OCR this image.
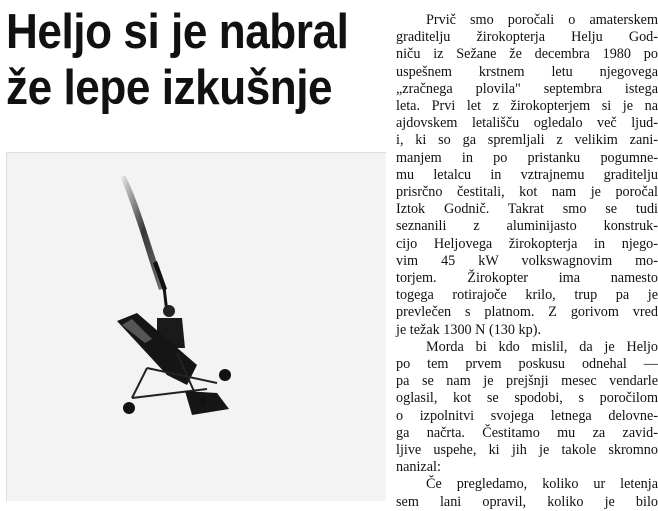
Heljo si je nabral
že lepe izkušnje

Prvič smo poročali o amaterskem
graditelju žirokopterja Helju God-
niču iz Sežane že decembra 1980 po
uspešnem krstnem letu njegovega
„zračnega plovila" septembra istega
leta. Prvi let z žirokopterjem si je na
ajdovskem letališču ogledalo več ljud-
i, ki so ga spremljali z velikim zani-
manjem in po pristanku pogumne-
mu letalcu in vztrajnemu graditelju
prisrčno čestitali, kot nam je poročal
Iztok Godnič. Takrat smo se tudi
seznanili z aluminijasto konstruk-
cijo Heljovega žirokopterja in njego-
vim 45 kW volkswagnovim mo-
torjem. Žirokopter ima namesto
togega rotirajoče krilo, trup pa je
prevlečen s platnom. Z gorivom vred
je težak 1300 N (130 kp).

Morda bi kdo mislil, da je Heljo
po tem prvem poskusu odnehal —
pa se nam je prejšnji mesec vendarle
oglasil, kot se spodobi, s poročilom
o izpolnitvi svojega letnega delovne-
ga načrta. Čestitamo mu za zavid-
ljive uspehe, ki jih je takole skromno
nanizal:

Če pregledamo, koliko ur letenja
sem lani opravil, koliko je bilo
